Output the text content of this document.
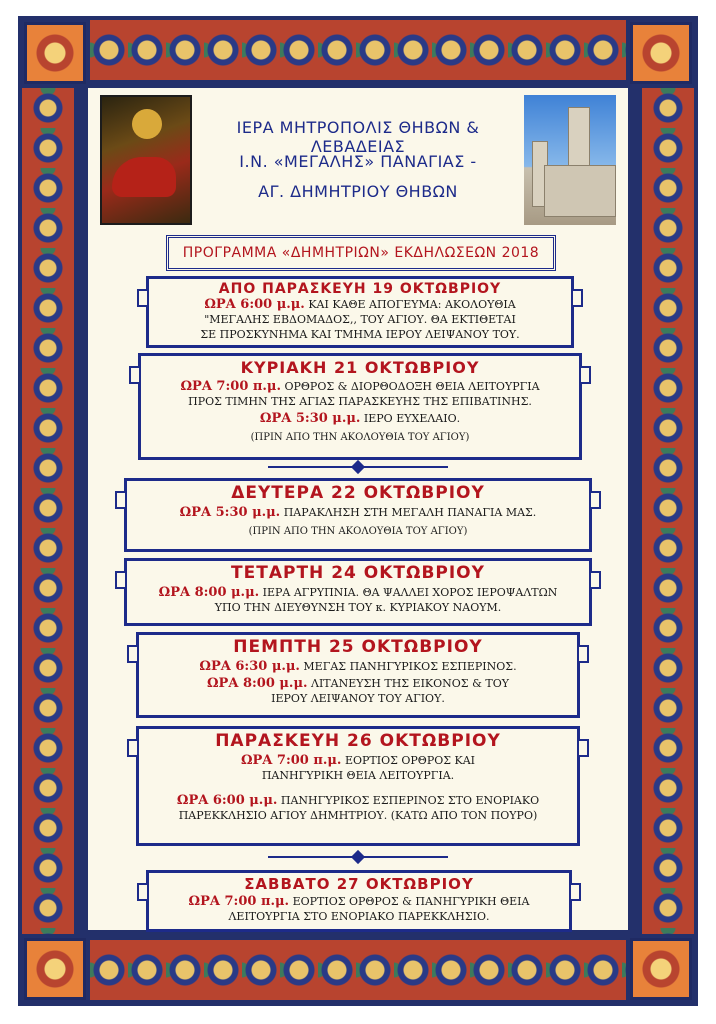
ΙΕΡΑ ΜΗΤΡΟΠΟΛΙΣ ΘΗΒΩΝ & ΛΕΒΑΔΕΙΑΣ
Ι.Ν. «ΜΕΓΑΛΗΣ» ΠΑΝΑΓΙΑΣ -
ΑΓ. ΔΗΜΗΤΡΙΟΥ ΘΗΒΩΝ
ΠΡΟΓΡΑΜΜΑ «ΔΗΜΗΤΡΙΩΝ» ΕΚΔΗΛΩΣΕΩΝ 2018
ΑΠΟ ΠΑΡΑΣΚΕΥΗ 19 ΟΚΤΩΒΡΙΟΥ
ΩΡΑ 6:00 μ.μ. ΚΑΙ ΚΑΘΕ ΑΠΟΓΕΥΜΑ: ΑΚΟΛΟΥΘΙΑ
"ΜΕΓΑΛΗΣ ΕΒΔΟΜΑΔΟΣ,, ΤΟΥ ΑΓΙΟΥ. ΘΑ ΕΚΤΙΘΕΤΑΙ
ΣΕ ΠΡΟΣΚΥΝΗΜΑ ΚΑΙ ΤΜΗΜΑ ΙΕΡΟΥ ΛΕΙΨΑΝΟΥ ΤΟΥ.
ΚΥΡΙΑΚΗ 21 ΟΚΤΩΒΡΙΟΥ
ΩΡΑ 7:00 π.μ. ΟΡΘΡΟΣ & ΔΙΟΡΘΟΔΟΞΗ ΘΕΙΑ ΛΕΙΤΟΥΡΓΙΑ
ΠΡΟΣ ΤΙΜΗΝ ΤΗΣ ΑΓΙΑΣ ΠΑΡΑΣΚΕΥΗΣ ΤΗΣ ΕΠΙΒΑΤΙΝΗΣ.
ΩΡΑ 5:30 μ.μ. ΙΕΡΟ ΕΥΧΕΛΑΙΟ.
(ΠΡΙΝ ΑΠΟ ΤΗΝ ΑΚΟΛΟΥΘΙΑ ΤΟΥ ΑΓΙΟΥ)
ΔΕΥΤΕΡΑ 22 ΟΚΤΩΒΡΙΟΥ
ΩΡΑ 5:30 μ.μ. ΠΑΡΑΚΛΗΣΗ ΣΤΗ ΜΕΓΑΛΗ ΠΑΝΑΓΙΑ ΜΑΣ.
(ΠΡΙΝ ΑΠΟ ΤΗΝ ΑΚΟΛΟΥΘΙΑ ΤΟΥ ΑΓΙΟΥ)
ΤΕΤΑΡΤΗ 24 ΟΚΤΩΒΡΙΟΥ
ΩΡΑ 8:00 μ.μ. ΙΕΡΑ ΑΓΡΥΠΝΙΑ. ΘΑ ΨΑΛΛΕΙ ΧΟΡΟΣ ΙΕΡΟΨΑΛΤΩΝ
ΥΠΟ ΤΗΝ ΔΙΕΥΘΥΝΣΗ ΤΟΥ κ. ΚΥΡΙΑΚΟΥ ΝΑΟΥΜ.
ΠΕΜΠΤΗ 25 ΟΚΤΩΒΡΙΟΥ
ΩΡΑ 6:30 μ.μ. ΜΕΓΑΣ ΠΑΝΗΓΥΡΙΚΟΣ ΕΣΠΕΡΙΝΟΣ.
ΩΡΑ 8:00 μ.μ. ΛΙΤΑΝΕΥΣΗ ΤΗΣ ΕΙΚΟΝΟΣ & ΤΟΥ
ΙΕΡΟΥ ΛΕΙΨΑΝΟΥ ΤΟΥ ΑΓΙΟΥ.
ΠΑΡΑΣΚΕΥΗ 26 ΟΚΤΩΒΡΙΟΥ
ΩΡΑ 7:00 π.μ. ΕΟΡΤΙΟΣ ΟΡΘΡΟΣ ΚΑΙ
ΠΑΝΗΓΥΡΙΚΗ ΘΕΙΑ ΛΕΙΤΟΥΡΓΙΑ.
ΩΡΑ 6:00 μ.μ. ΠΑΝΗΓΥΡΙΚΟΣ ΕΣΠΕΡΙΝΟΣ ΣΤΟ ΕΝΟΡΙΑΚΟ
ΠΑΡΕΚΚΛΗΣΙΟ ΑΓΙΟΥ ΔΗΜΗΤΡΙΟΥ. (ΚΑΤΩ ΑΠΟ ΤΟΝ ΠΟΥΡΟ)
ΣΑΒΒΑΤΟ 27 ΟΚΤΩΒΡΙΟΥ
ΩΡΑ 7:00 π.μ. ΕΟΡΤΙΟΣ ΟΡΘΡΟΣ & ΠΑΝΗΓΥΡΙΚΗ ΘΕΙΑ
ΛΕΙΤΟΥΡΓΙΑ ΣΤΟ ΕΝΟΡΙΑΚΟ ΠΑΡΕΚΚΛΗΣΙΟ.
